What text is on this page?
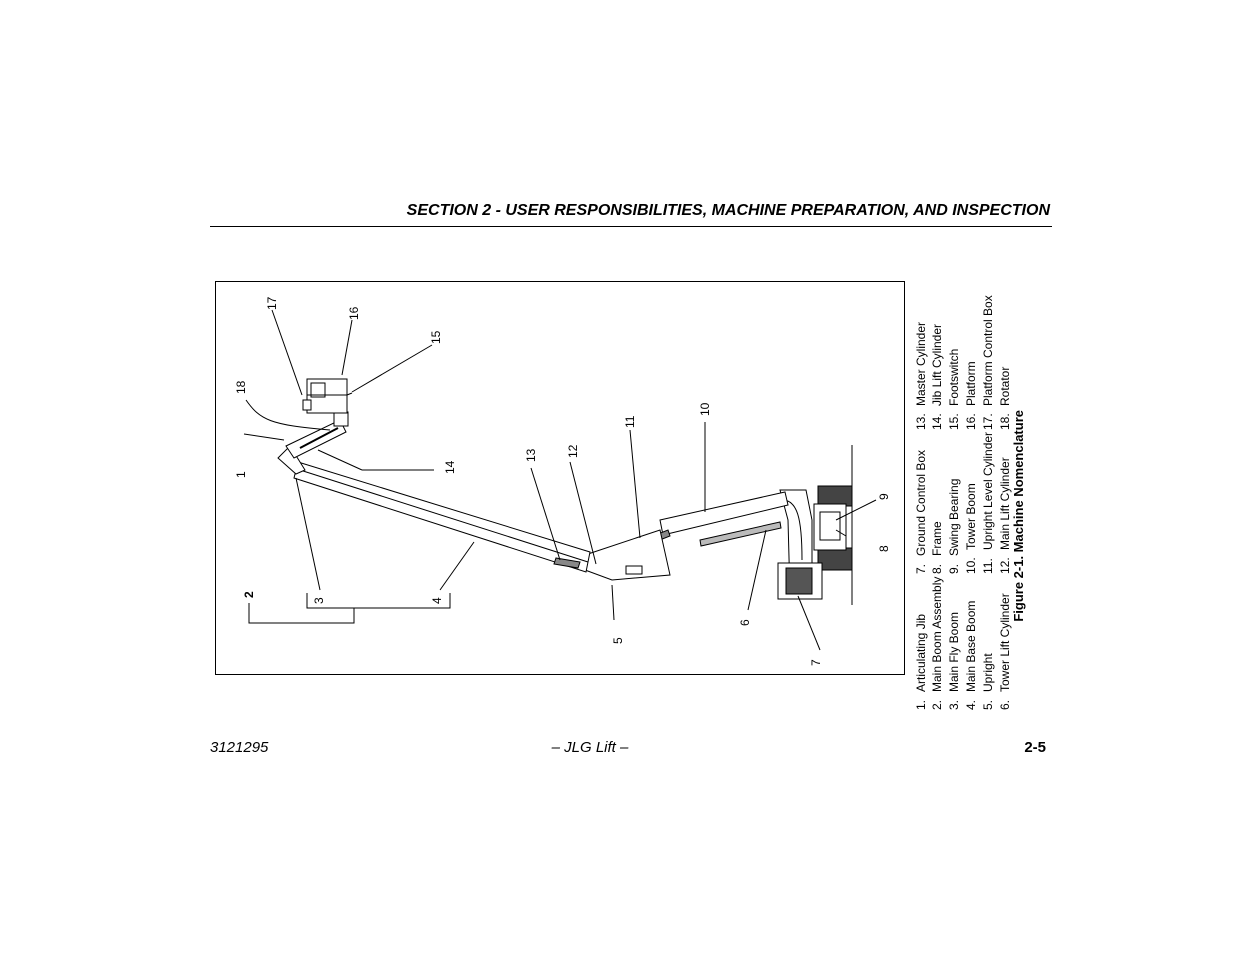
SECTION 2 - USER RESPONSIBILITIES, MACHINE PREPARATION, AND INSPECTION
17
16
15
18
1
14
13 12
11
10
9
8
2
3	4
5
6
7
1.Articulating Jib
2.Main Boom Assembly
3.Main Fly Boom
4.Main Base Boom
5.Upright
6.Tower Lift Cylinder
7.Ground Control Box
8.Frame
9.Swing Bearing
10.Tower Boom
11.Upright Level Cylinder
12.Main Lift Cylinder
13.Master Cylinder
14.Jib Lift Cylinder
15.Footswitch
16.Platform
17.Platform Control Box
18.Rotator
Figure 2-1. Machine Nomenclature
3121295	– JLG Lift –	2-5
